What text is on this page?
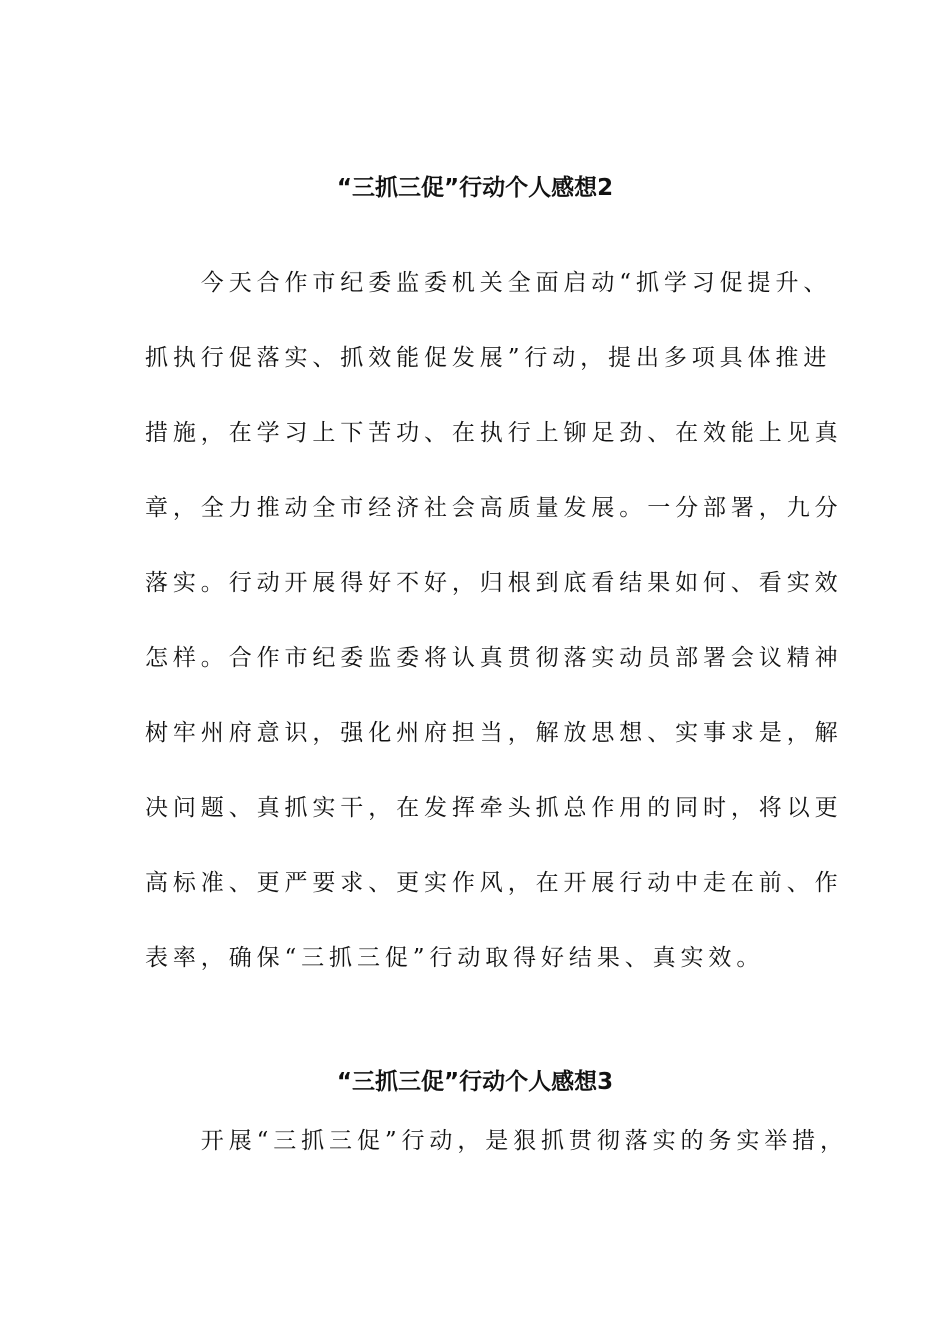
“三抓三促”行动个人感想2
　　今天合作市纪委监委机关全面启动“抓学习促提升、
抓执行促落实、抓效能促发展”行动，提出多项具体推进
措施，在学习上下苦功、在执行上铆足劲、在效能上见真
章，全力推动全市经济社会高质量发展。一分部署，九分
落实。行动开展得好不好，归根到底看结果如何、看实效
怎样。合作市纪委监委将认真贯彻落实动员部署会议精神
树牢州府意识，强化州府担当，解放思想、实事求是，解
决问题、真抓实干，在发挥牵头抓总作用的同时，将以更
高标准、更严要求、更实作风，在开展行动中走在前、作
表率，确保“三抓三促”行动取得好结果、真实效。
“三抓三促”行动个人感想3
　　开展“三抓三促”行动，是狠抓贯彻落实的务实举措，
